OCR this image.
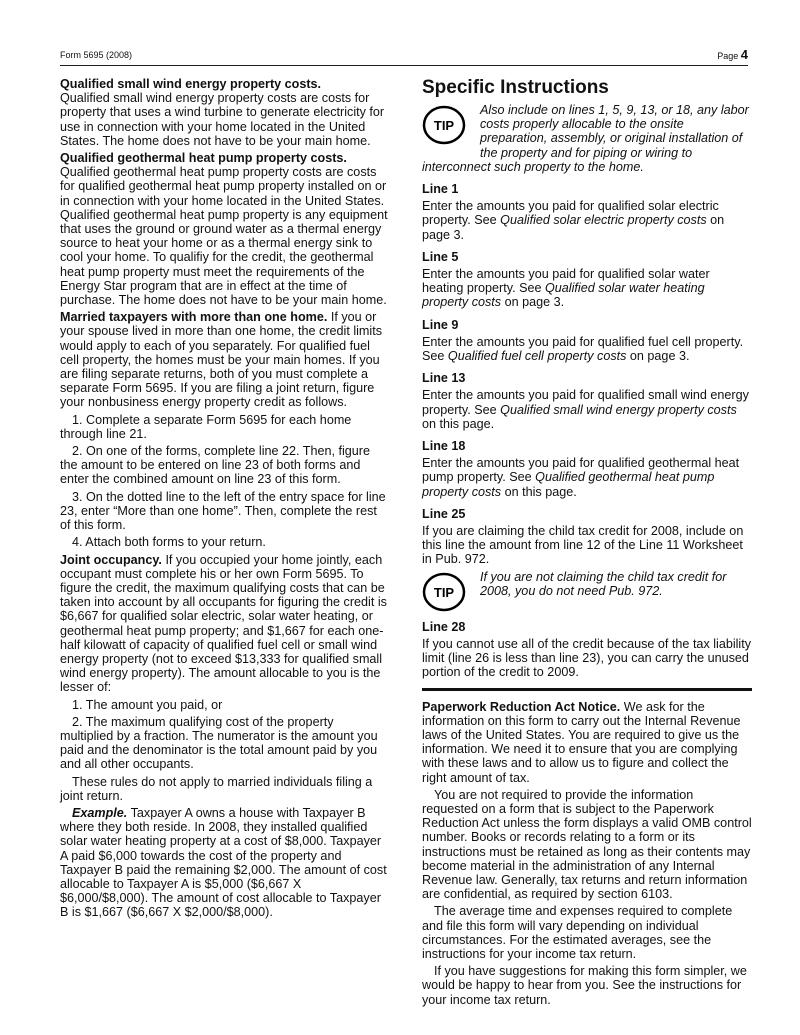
Form 5695 (2008)	Page 4

Qualified small wind energy property costs.
Qualified small wind energy property costs are costs for property that uses a wind turbine to generate electricity for use in connection with your home located in the United States. The home does not have to be your main home.

Qualified geothermal heat pump property costs.
Qualified geothermal heat pump property costs are costs for qualified geothermal heat pump property installed on or in connection with your home located in the United States. Qualified geothermal heat pump property is any equipment that uses the ground or ground water as a thermal energy source to heat your home or as a thermal energy sink to cool your home. To qualifiy for the credit, the geothermal heat pump property must meet the requirements of the Energy Star program that are in effect at the time of purchase. The home does not have to be your main home.

Married taxpayers with more than one home. If you or your spouse lived in more than one home, the credit limits would apply to each of you separately. For qualified fuel cell property, the homes must be your main homes. If you are filing separate returns, both of you must complete a separate Form 5695. If you are filing a joint return, figure your nonbusiness energy property credit as follows.

1. Complete a separate Form 5695 for each home through line 21.

2. On one of the forms, complete line 22. Then, figure the amount to be entered on line 23 of both forms and enter the combined amount on line 23 of this form.

3. On the dotted line to the left of the entry space for line 23, enter “More than one home”. Then, complete the rest of this form.

4. Attach both forms to your return.

Joint occupancy. If you occupied your home jointly, each occupant must complete his or her own Form 5695. To figure the credit, the maximum qualifying costs that can be taken into account by all occupants for figuring the credit is $6,667 for qualified solar electric, solar water heating, or geothermal heat pump property; and $1,667 for each one-half kilowatt of capacity of qualified fuel cell or small wind energy property (not to exceed $13,333 for qualified small wind energy property). The amount allocable to you is the lesser of:

1. The amount you paid, or

2. The maximum qualifying cost of the property multiplied by a fraction. The numerator is the amount you paid and the denominator is the total amount paid by you and all other occupants.

These rules do not apply to married individuals filing a joint return.

Example. Taxpayer A owns a house with Taxpayer B where they both reside. In 2008, they installed qualified solar water heating property at a cost of $8,000. Taxpayer A paid $6,000 towards the cost of the property and Taxpayer B paid the remaining $2,000. The amount of cost allocable to Taxpayer A is $5,000 ($6,667 X $6,000/$8,000). The amount of cost allocable to Taxpayer B is $1,667 ($6,667 X $2,000/$8,000).

Specific Instructions
TIP
Also include on lines 1, 5, 9, 13, or 18, any labor costs properly allocable to the onsite preparation, assembly, or original installation of the property and for piping or wiring to

interconnect such property to the home.

Line 1

Enter the amounts you paid for qualified solar electric property. See Qualified solar electric property costs on page 3.

Line 5

Enter the amounts you paid for qualified solar water heating property. See Qualified solar water heating property costs on page 3.

Line 9

Enter the amounts you paid for qualified fuel cell property. See Qualified fuel cell property costs on page 3.

Line 13

Enter the amounts you paid for qualified small wind energy property. See Qualified small wind energy property costs on this page.

Line 18

Enter the amounts you paid for qualified geothermal heat pump property. See Qualified geothermal heat pump property costs on this page.

Line 25

If you are claiming the child tax credit for 2008, include on this line the amount from line 12 of the Line 11 Worksheet in Pub. 972.

TIP
If you are not claiming the child tax credit for 2008, you do not need Pub. 972.
Line 28

If you cannot use all of the credit because of the tax liability limit (line 26 is less than line 23), you can carry the unused portion of the credit to 2009.

Paperwork Reduction Act Notice. We ask for the information on this form to carry out the Internal Revenue laws of the United States. You are required to give us the information. We need it to ensure that you are complying with these laws and to allow us to figure and collect the right amount of tax.

You are not required to provide the information requested on a form that is subject to the Paperwork Reduction Act unless the form displays a valid OMB control number. Books or records relating to a form or its instructions must be retained as long as their contents may become material in the administration of any Internal Revenue law. Generally, tax returns and return information are confidential, as required by section 6103.

The average time and expenses required to complete and file this form will vary depending on individual circumstances. For the estimated averages, see the instructions for your income tax return.

If you have suggestions for making this form simpler, we would be happy to hear from you. See the instructions for your income tax return.
